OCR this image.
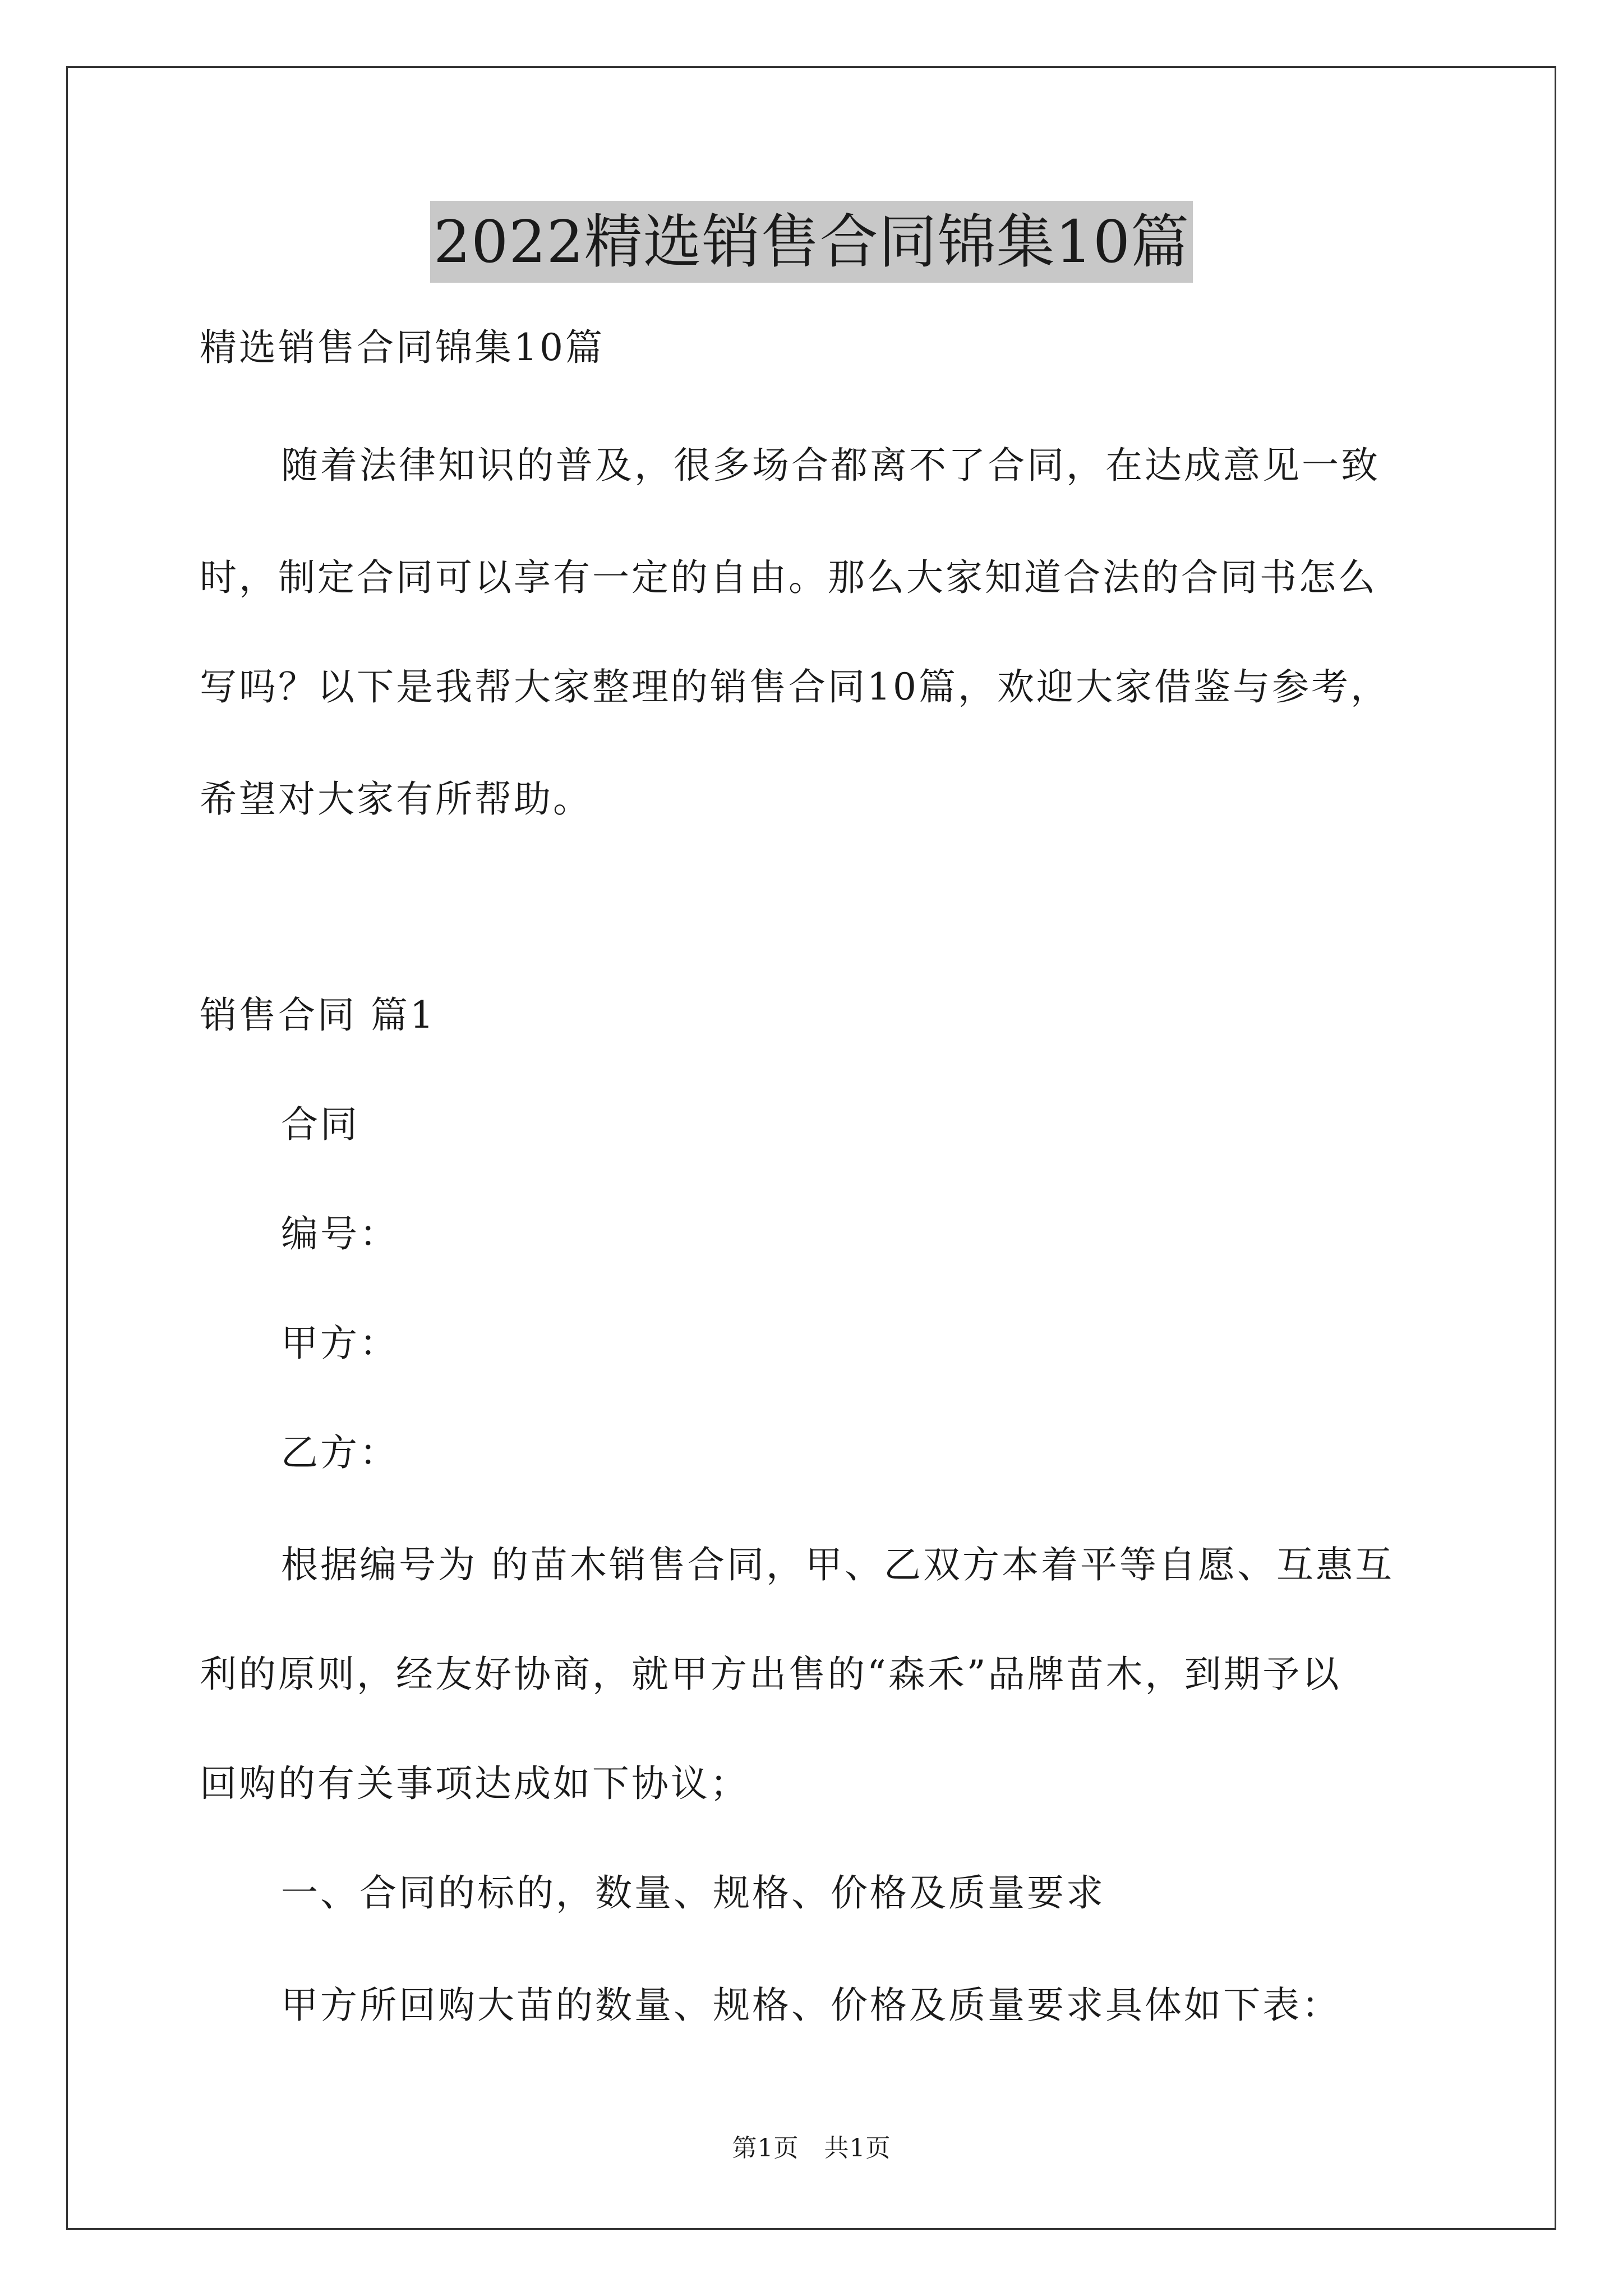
2022精选销售合同锦集10篇
精选销售合同锦集10篇
随着法律知识的普及，很多场合都离不了合同，在达成意见一致
时，制定合同可以享有一定的自由。那么大家知道合法的合同书怎么
写吗？以下是我帮大家整理的销售合同10篇，欢迎大家借鉴与参考，
希望对大家有所帮助。
销售合同 篇1
合同
编号：
甲方：
乙方：
根据编号为 的苗木销售合同，甲、乙双方本着平等自愿、互惠互
利的原则，经友好协商，就甲方出售的“森禾”品牌苗木，到期予以
回购的有关事项达成如下协议；
一、合同的标的，数量、规格、价格及质量要求
甲方所回购大苗的数量、规格、价格及质量要求具体如下表：
第1页　共1页
